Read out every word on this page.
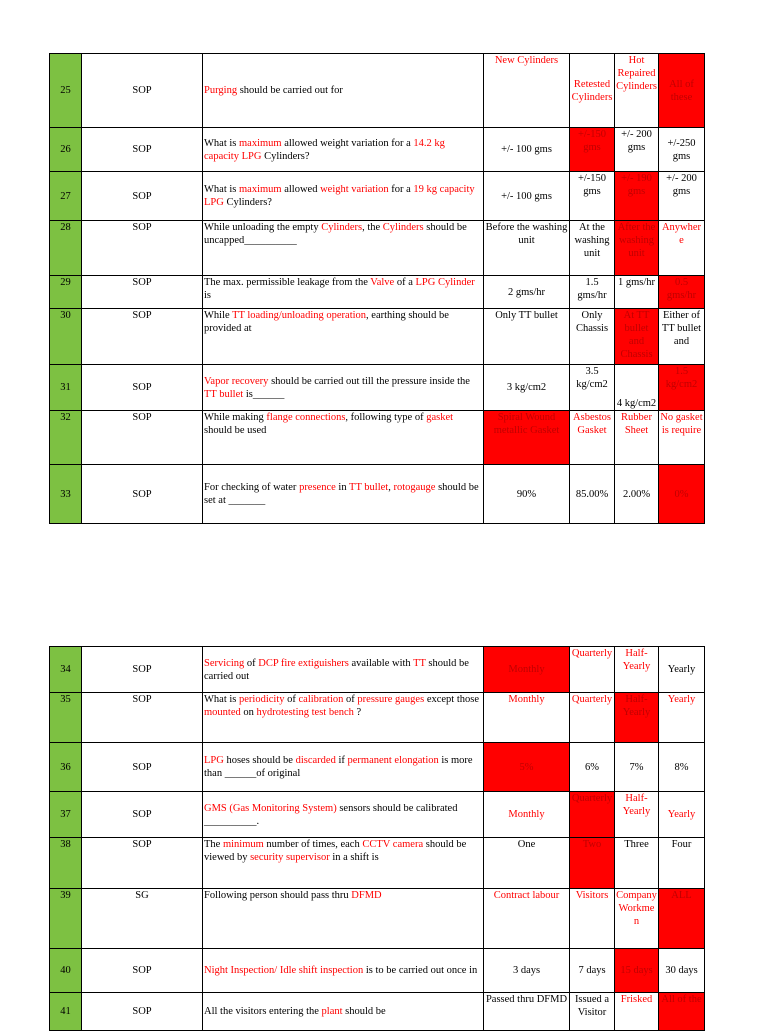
25	SOP	Purging should be carried out for	New Cylinders	Retested Cylinders	Hot Repaired Cylinders	All of these
26	SOP	What is maximum allowed weight variation for a 14.2 kg capacity LPG Cylinders?	+/- 100 gms	+/-150 gms	+/- 200 gms	+/-250 gms
27	SOP	What is maximum allowed weight variation for a 19 kg capacity LPG Cylinders?	+/- 100 gms	+/-150 gms	+/- 190 gms	+/- 200 gms
28	SOP	While unloading the empty Cylinders, the Cylinders should be uncapped__________	Before the washing unit	At the washing unit	After the washing unit	Anywhere
29	SOP	The max. permissible leakage from the Valve of a LPG Cylinder is	2 gms/hr	1.5 gms/hr	1 gms/hr	0.5 gms/hr
30	SOP	While TT loading/unloading operation, earthing should be provided at	Only TT bullet	Only Chassis	At TT bullet and Chassis	Either of TT bullet and
31	SOP	Vapor recovery should be carried out till the pressure inside the TT bullet is______	3 kg/cm2	3.5 kg/cm2	4 kg/cm2	1.5 kg/cm2
32	SOP	While making flange connections, following type of gasket should be used	Spiral Wound metallic Gasket	Asbestos Gasket	Rubber Sheet	No gasket is require
33	SOP	For checking of water presence in TT bullet, rotogauge should be set at _______	90%	85.00%	2.00%	0%
34	SOP	Servicing of DCP fire extiguishers available with TT should be carried out	Monthly	Quarterly	Half-Yearly	Yearly
35	SOP	What is periodicity of calibration of pressure gauges except those mounted on hydrotesting test bench ?	Monthly	Quarterly	Half-Yearly	Yearly
36	SOP	LPG hoses should be discarded if permanent elongation is more than ______of original	5%	6%	7%	8%
37	SOP	GMS (Gas Monitoring System) sensors should be calibrated __________.	Monthly	Quarterly	Half-Yearly	Yearly
38	SOP	The minimum number of times, each CCTV camera should be viewed by security supervisor in a shift is	One	Two	Three	Four
39	SG	Following person should pass thru DFMD	Contract labour	Visitors	Company Workmen	ALL
40	SOP	Night Inspection/ Idle shift inspection is to be carried out once in	3 days	7 days	15 days	30 days
41	SOP	All the visitors entering the plant should be	Passed thru DFMD	Issued a Visitor	Frisked	All of the
